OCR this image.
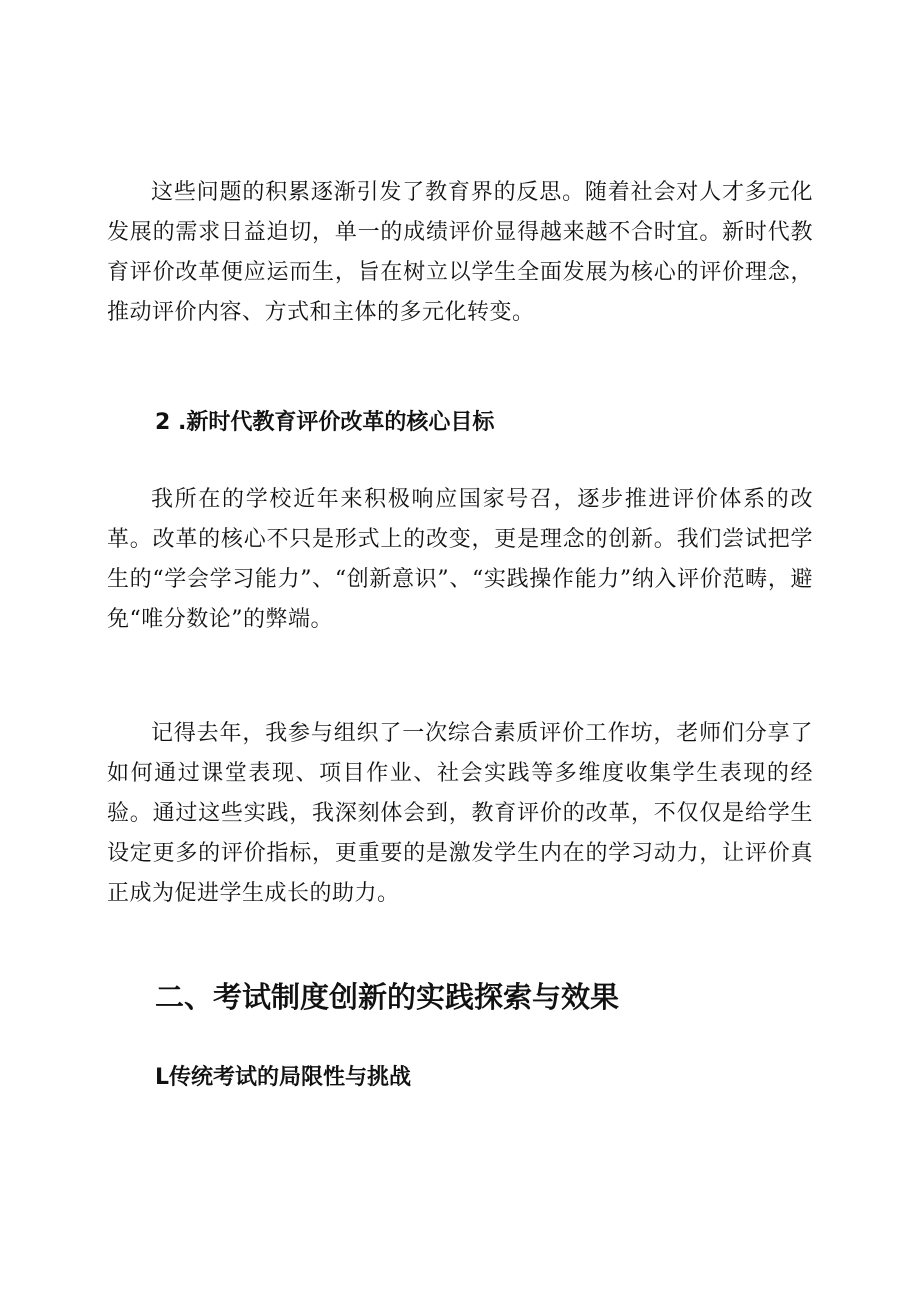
这些问题的积累逐渐引发了教育界的反思。随着社会对人才多元化发展的需求日益迫切，单一的成绩评价显得越来越不合时宜。新时代教育评价改革便应运而生，旨在树立以学生全面发展为核心的评价理念，推动评价内容、方式和主体的多元化转变。

2 .新时代教育评价改革的核心目标

我所在的学校近年来积极响应国家号召，逐步推进评价体系的改革。改革的核心不只是形式上的改变，更是理念的创新。我们尝试把学生的“学会学习能力”、“创新意识”、“实践操作能力”纳入评价范畴，避免“唯分数论”的弊端。

记得去年，我参与组织了一次综合素质评价工作坊，老师们分享了如何通过课堂表现、项目作业、社会实践等多维度收集学生表现的经验。通过这些实践，我深刻体会到，教育评价的改革，不仅仅是给学生设定更多的评价指标，更重要的是激发学生内在的学习动力，让评价真正成为促进学生成长的助力。

二、考试制度创新的实践探索与效果
L传统考试的局限性与挑战
